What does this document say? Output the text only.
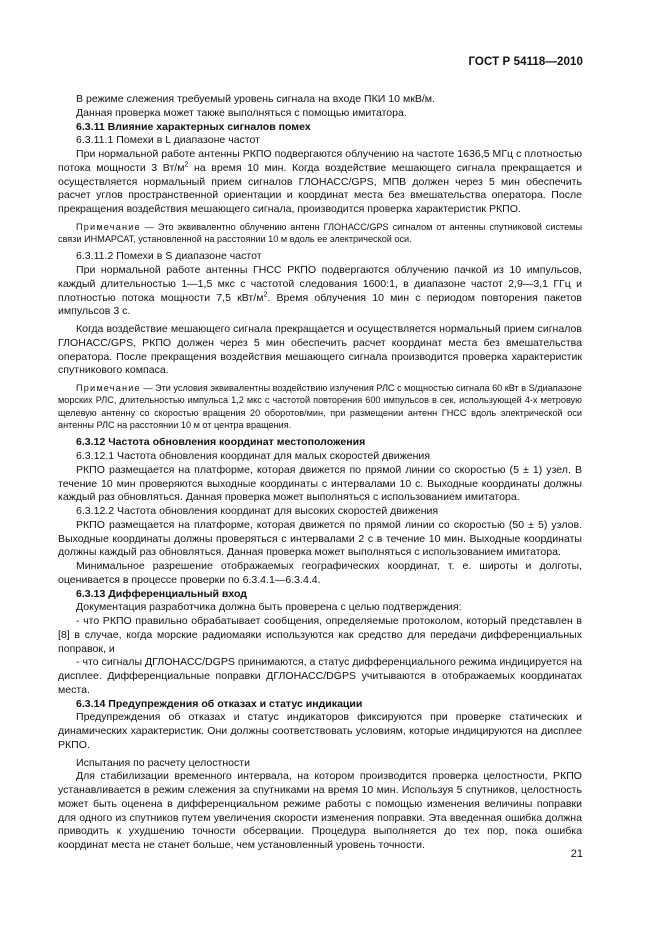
ГОСТ Р 54118—2010

В режиме слежения требуемый уровень сигнала на входе ПКИ 10 мкВ/м.

Данная проверка может также выполняться с помощью имитатора.

6.3.11 Влияние характерных сигналов помех

6.3.11.1 Помехи в L диапазоне частот

При нормальной работе антенны РКПО подвергаются облучению на частоте 1636,5 МГц с плотностью потока мощности 3 $Вт/м^2$ на время 10 мин. Когда воздействие мешающего сигнала прекращается и осуществляется нормальный прием сигналов ГЛОНАСС/GPS, МПВ должен через 5 мин обеспечить расчет углов пространственной ориентации и координат места без вмешательства оператора. После прекращения воздействия мешающего сигнала, производится проверка характеристик РКПО.

Примечание — Это эквивалентно облучению антенн ГЛОНАСС/GPS сигналом от антенны спутниковой системы связи ИНМАРСАТ, установленной на расстоянии 10 м вдоль ее электрической оси.

6.3.11.2 Помехи в S диапазоне частот

При нормальной работе антенны ГНСС РКПО подвергаются облучению пачкой из 10 импульсов, каждый длительностью 1—1,5 мкс с частотой следования 1600:1, в диапазоне частот 2,9—3,1 ГГц и плотностью потока мощности 7,5 кВт/$м^2$. Время облучения 10 мин с периодом повторения пакетов импульсов 3 с.

Когда воздействие мешающего сигнала прекращается и осуществляется нормальный прием сигналов ГЛОНАСС/GPS, РКПО должен через 5 мин обеспечить расчет координат места без вмешательства оператора. После прекращения воздействия мешающего сигнала производится проверка характеристик спутникового компаса.

Примечание — Эти условия эквивалентны воздействию излучения РЛС с мощностью сигнала 60 кВт в S/диапазоне морских РЛС, длительностью импульса 1,2 мкс с частотой повторения 600 импульсов в сек, использующей 4-х метровую щелевую антенну со скоростью вращения 20 оборотов/мин, при размещении антенн ГНСС вдоль электрической оси антенны РЛС на расстоянии 10 м от центра вращения.

6.3.12 Частота обновления координат местоположения

6.3.12.1 Частота обновления координат для малых скоростей движения

РКПО размещается на платформе, которая движется по прямой линии со скоростью (5 ± 1) узел. В течение 10 мин проверяются выходные координаты с интервалами 10 с. Выходные координаты должны каждый раз обновляться. Данная проверка может выполняться с использованием имитатора.

6.3.12.2 Частота обновления координат для высоких скоростей движения

РКПО размещается на платформе, которая движется по прямой линии со скоростью (50 ± 5) узлов. Выходные координаты должны проверяться с интервалами 2 с в течение 10 мин. Выходные координаты должны каждый раз обновляться. Данная проверка может выполняться с использованием имитатора.

Минимальное разрешение отображаемых географических координат, т. е. широты и долготы, оценивается в процессе проверки по 6.3.4.1—6.3.4.4.

6.3.13 Дифференциальный вход

Документация разработчика должна быть проверена с целью подтверждения:

- что РКПО правильно обрабатывает сообщения, определяемые протоколом, который представлен в [8] в случае, когда морские радиомаяки используются как средство для передачи дифференциальных поправок, и

- что сигналы ДГЛОНАСС/DGPS принимаются, а статус дифференциального режима индицируется на дисплее. Дифференциальные поправки ДГЛОНАСС/DGPS учитываются в отображаемых координатах места.

6.3.14 Предупреждения об отказах и статус индикации

Предупреждения об отказах и статус индикаторов фиксируются при проверке статических и динамических характеристик. Они должны соответствовать условиям, которые индицируются на дисплее РКПО.

Испытания по расчету целостности

Для стабилизации временного интервала, на котором производится проверка целостности, РКПО устанавливается в режим слежения за спутниками на время 10 мин. Используя 5 спутников, целостность может быть оценена в дифференциальном режиме работы с помощью изменения величины поправки для одного из спутников путем увеличения скорости изменения поправки. Эта введенная ошибка должна приводить к ухудшению точности обсервации. Процедура выполняется до тех пор, пока ошибка координат места не станет больше, чем установленный уровень точности.

21
